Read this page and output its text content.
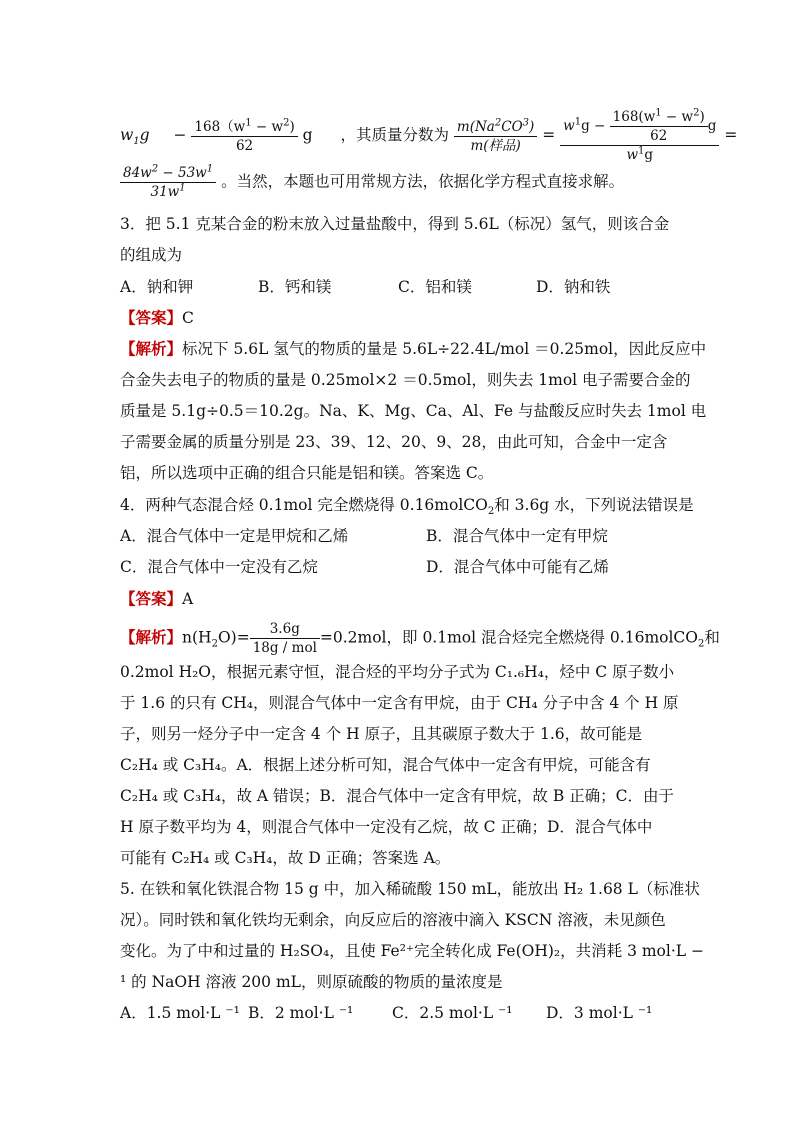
$w_1g - \frac{168(w^1 - w^2)}{62}$ g ，其质量分数为 $\frac{m(Na^2CO^3)}{\text{m(样品)}} = \frac{w^1g - \frac{168(w^1 - w^2)}{62} g}{w^1g}$ =
$\frac{84w^2 - 53w^1}{31w^1}$ 。当然，本题也可用常规方法，依据化学方程式直接求解。
3．把 5.1 克某合金的粉末放入过量盐酸中，得到 5.6L（标况）氢气，则该合金
的组成为
A．钠和钾	B．钙和镁	C．铝和镁	D．钠和铁
【答案】C
【解析】标况下 5.6L 氢气的物质的量是 5.6L÷22.4L/mol ＝0.25mol，因此反应中
合金失去电子的物质的量是 0.25mol×2 ＝0.5mol，则失去 1mol 电子需要合金的
质量是 5.1g÷0.5＝10.2g。Na、K、Mg、Ca、Al、Fe 与盐酸反应时失去 1mol 电
子需要金属的质量分别是 23、39、12、20、9、28，由此可知，合金中一定含
铝，所以选项中正确的组合只能是铝和镁。答案选 C。
4．两种气态混合烃 0.1mol 完全燃烧得 0.16molCO$_2$和 3.6g 水，下列说法错误是
A．混合气体中一定是甲烷和乙烯	B．混合气体中一定有甲烷
C．混合气体中一定没有乙烷	D．混合气体中可能有乙烯
【答案】A
【解析】$n(H_2O)= \frac{3.6g}{\text{18g / mol}} =0.2mol$，即 0.1mol 混合烃完全燃烧得 0.16molCO$_2$和
0.2mol H₂O，根据元素守恒，混合烃的平均分子式为 C₁.₆H₄，烃中 C 原子数小
于 1.6 的只有 CH₄，则混合气体中一定含有甲烷，由于 CH₄ 分子中含 4 个 H 原
子，则另一烃分子中一定含 4 个 H 原子，且其碳原子数大于 1.6，故可能是
C₂H₄ 或 C₃H₄。A．根据上述分析可知，混合气体中一定含有甲烷，可能含有
C₂H₄ 或 C₃H₄，故 A 错误；B．混合气体中一定含有甲烷，故 B 正确；C．由于
H 原子数平均为 4，则混合气体中一定没有乙烷，故 C 正确；D．混合气体中
可能有 C₂H₄ 或 C₃H₄，故 D 正确；答案选 A。
5. 在铁和氧化铁混合物 15 g 中，加入稀硫酸 150 mL，能放出 H₂ 1.68 L（标准状
况）。同时铁和氧化铁均无剩余，向反应后的溶液中滴入 KSCN 溶液，未见颜色
变化。为了中和过量的 H₂SO₄，且使 Fe²⁺完全转化成 Fe(OH)₂，共消耗 3 mol·L −
¹ 的 NaOH 溶液 200 mL，则原硫酸的物质的量浓度是
A．1.5 mol·L ⁻¹ B．2 mol·L ⁻¹	C．2.5 mol·L ⁻¹ D．3 mol·L ⁻¹
